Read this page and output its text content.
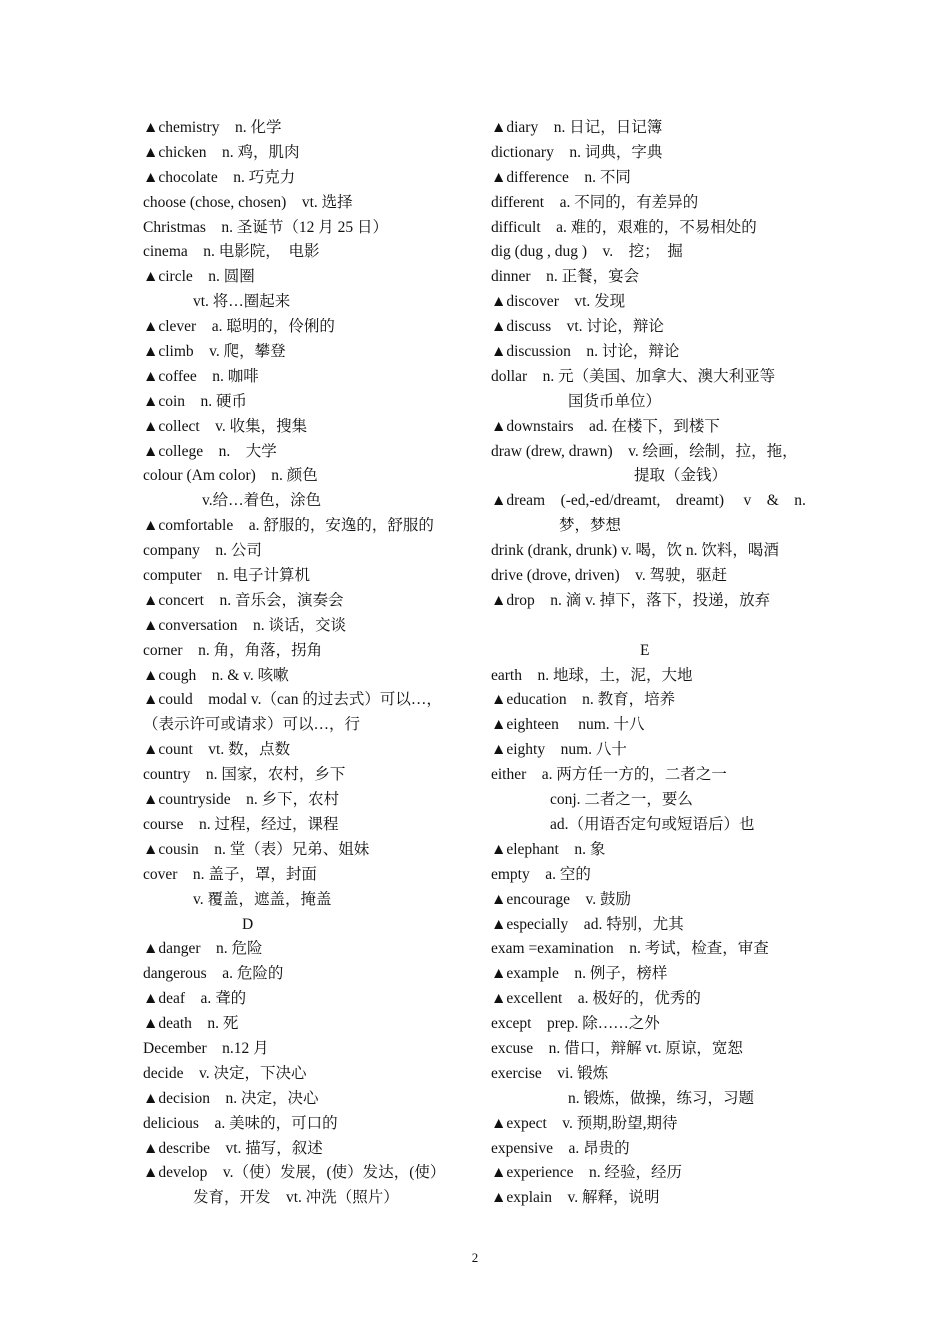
▲chemistry　n. 化学
▲chicken　n. 鸡，肌肉
▲chocolate　n. 巧克力
choose (chose, chosen)　vt. 选择
Christmas　n. 圣诞节（12 月 25 日）
cinema　n. 电影院，　电影
▲circle　n. 圆圈
vt. 将…圈起来
▲clever　a. 聪明的，伶俐的
▲climb　v. 爬，攀登
▲coffee　n. 咖啡
▲coin　n. 硬币
▲collect　v. 收集，搜集
▲college　n.　大学
colour (Am color)　n. 颜色
v.给…着色，涂色
▲comfortable　a. 舒服的，安逸的，舒服的
company　n. 公司
computer　n. 电子计算机
▲concert　n. 音乐会，演奏会
▲conversation　n. 谈话，交谈
corner　n. 角，角落，拐角
▲cough　n. & v. 咳嗽
▲could　modal v.（can 的过去式）可以…，
（表示许可或请求）可以…，行
▲count　vt. 数，点数
country　n. 国家，农村，乡下
▲countryside　n. 乡下，农村
course　n. 过程，经过，课程
▲cousin　n. 堂（表）兄弟、姐妹
cover　n. 盖子，罩，封面
v. 覆盖，遮盖，掩盖
D
▲danger　n. 危险
dangerous　a. 危险的
▲deaf　a. 聋的
▲death　n. 死
December　n.12 月
decide　v. 决定，下决心
▲decision　n. 决定，决心
delicious　a. 美味的，可口的
▲describe　vt. 描写，叙述
▲develop　v.（使）发展，(使）发达，(使）
发育，开发　vt. 冲洗（照片）
▲diary　n. 日记，日记簿
dictionary　n. 词典，字典
▲difference　n. 不同
different　a. 不同的，有差异的
difficult　a. 难的，艰难的，不易相处的
dig (dug , dug )　v.　挖；　掘
dinner　n. 正餐，宴会
▲discover　vt. 发现
▲discuss　vt. 讨论，辩论
▲discussion　n. 讨论，辩论
dollar　n. 元（美国、加拿大、澳大利亚等
国货币单位）
▲downstairs　ad. 在楼下，到楼下
draw (drew, drawn)　v. 绘画，绘制，拉，拖，
提取（金钱）
▲dream　(-ed,-ed/dreamt,　dreamt)　 v　&　n.
梦，梦想
drink (drank, drunk) v. 喝，饮 n. 饮料，喝酒
drive (drove, driven)　v. 驾驶，驱赶
▲drop　n. 滴 v. 掉下，落下，投递，放弃
E
earth　n. 地球，土，泥，大地
▲education　n. 教育，培养
▲eighteen　 num. 十八
▲eighty　num. 八十
either　a. 两方任一方的，二者之一
conj. 二者之一，要么
ad.（用语否定句或短语后）也
▲elephant　n. 象
empty　a. 空的
▲encourage　v. 鼓励
▲especially　ad. 特别，尤其
exam =examination　n. 考试，检查，审查
▲example　n. 例子，榜样
▲excellent　a. 极好的，优秀的
except　prep. 除……之外
excuse　n. 借口，辩解 vt. 原谅，宽恕
exercise　vi. 锻炼
n. 锻炼，做操，练习，习题
▲expect　v. 预期,盼望,期待
expensive　a. 昂贵的
▲experience　n. 经验，经历
▲explain　v. 解释，说明
2
